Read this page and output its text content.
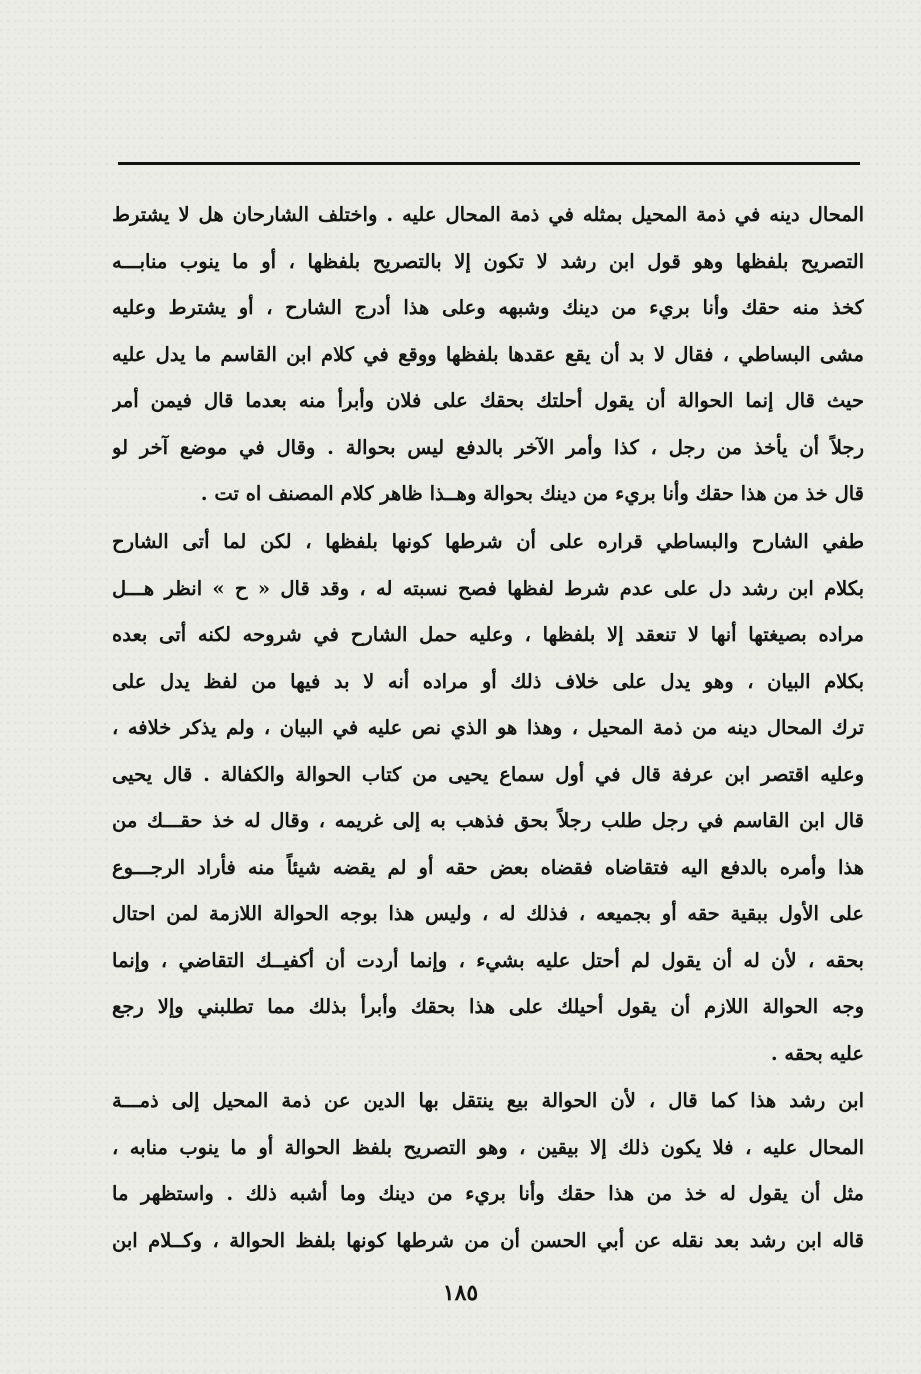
المحال دينه في ذمة المحيل بمثله في ذمة المحال عليه . واختلف الشارحان هل لا يشترط
التصريح بلفظها وهو قول ابن رشد لا تكون إلا بالتصريح بلفظها ، أو ما ينوب منابـــه
كخذ منه حقك وأنا بريء من دينك وشبهه وعلى هذا أدرج الشارح ، أو يشترط وعليه
مشى البساطي ، فقال لا بد أن يقع عقدها بلفظها ووقع في كلام ابن القاسم ما يدل عليه
حيث قال إنما الحوالة أن يقول أحلتك بحقك على فلان وأبرأ منه بعدما قال فيمن أمر
رجلاً أن يأخذ من رجل ، كذا وأمر الآخر بالدفع ليس بحوالة . وقال في موضع آخر لو
قال خذ من هذا حقك وأنا بريء من دينك بحوالة وهــذا ظاهر كلام المصنف اه تت .
طفي الشارح والبساطي قراره على أن شرطها كونها بلفظها ، لكن لما أتى الشارح
بكلام ابن رشد دل على عدم شرط لفظها فصح نسبته له ، وقد قال « ح » انظر هـــل
مراده بصيغتها أنها لا تنعقد إلا بلفظها ، وعليه حمل الشارح في شروحه لكنه أتى بعده
بكلام البيان ، وهو يدل على خلاف ذلك أو مراده أنه لا بد فيها من لفظ يدل على
ترك المحال دينه من ذمة المحيل ، وهذا هو الذي نص عليه في البيان ، ولم يذكر خلافه ،
وعليه اقتصر ابن عرفة قال في أول سماع يحيى من كتاب الحوالة والكفالة . قال يحيى
قال ابن القاسم في رجل طلب رجلاً بحق فذهب به إلى غريمه ، وقال له خذ حقـــك من
هذا وأمره بالدفع اليه فتقاضاه فقضاه بعض حقه أو لم يقضه شيئاً منه فأراد الرجـــوع
على الأول ببقية حقه أو بجميعه ، فذلك له ، وليس هذا بوجه الحوالة اللازمة لمن احتال
بحقه ، لأن له أن يقول لم أحتل عليه بشيء ، وإنما أردت أن أكفيــك التقاضي ، وإنما
وجه الحوالة اللازم أن يقول أحيلك على هذا بحقك وأبرأ بذلك مما تطلبني وإلا رجع
عليه بحقه .
ابن رشد هذا كما قال ، لأن الحوالة بيع ينتقل بها الدين عن ذمة المحيل إلى ذمـــة
المحال عليه ، فلا يكون ذلك إلا بيقين ، وهو التصريح بلفظ الحوالة أو ما ينوب منابه ،
مثل أن يقول له خذ من هذا حقك وأنا بريء من دينك وما أشبه ذلك . واستظهر ما
قاله ابن رشد بعد نقله عن أبي الحسن أن من شرطها كونها بلفظ الحوالة ، وكــلام ابن
١٨٥
